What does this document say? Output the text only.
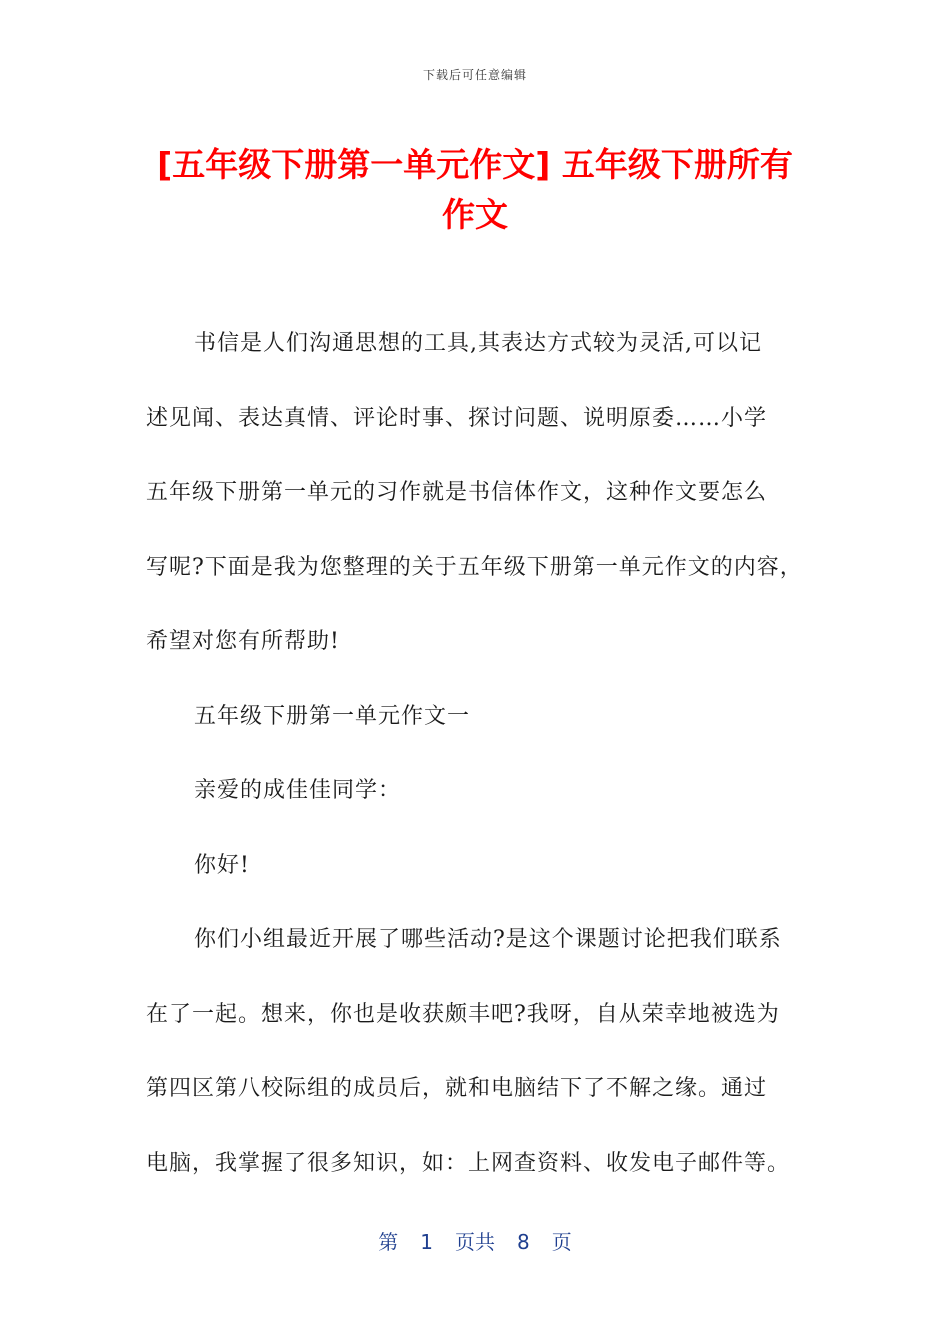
下载后可任意编辑
[五年级下册第一单元作文] 五年级下册所有
作文
书信是人们沟通思想的工具,其表达方式较为灵活,可以记
述见闻、表达真情、评论时事、探讨问题、说明原委……小学
五年级下册第一单元的习作就是书信体作文，这种作文要怎么
写呢?下面是我为您整理的关于五年级下册第一单元作文的内容，
希望对您有所帮助!
五年级下册第一单元作文一
亲爱的成佳佳同学：
你好!
你们小组最近开展了哪些活动?是这个课题讨论把我们联系
在了一起。想来，你也是收获颇丰吧?我呀，自从荣幸地被选为
第四区第八校际组的成员后，就和电脑结下了不解之缘。通过
电脑，我掌握了很多知识，如：上网查资料、收发电子邮件等。
第 1 页共 8 页
